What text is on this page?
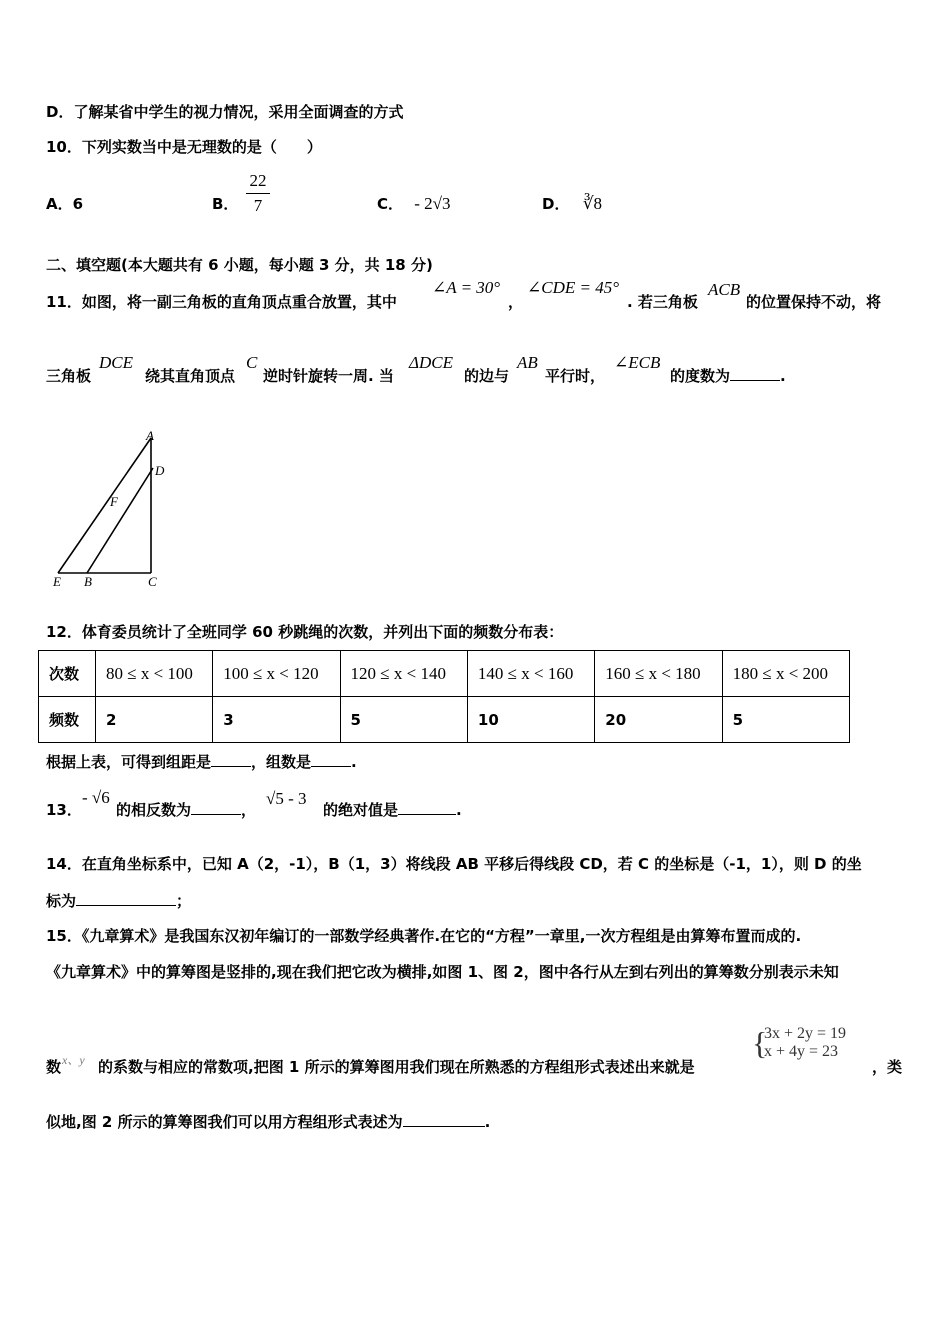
D．了解某省中学生的视力情况，采用全面调查的方式
10．下列实数当中是无理数的是（　　）
A．6	B．
22
7	C． - 2√3	D． ∛8
二、填空题(本大题共有 6 小题，每小题 3 分，共 18 分)
11．如图，将一副三角板的直角顶点重合放置，其中
∠A = 30°
，
∠CDE = 45°
. 若三角板
ACB
的位置保持不动，将
三角板
DCE
绕其直角顶点
C
逆时针旋转一周. 当
ΔDCE
的边与
AB
平行时，
∠ECB
的度数为	.
A
D
F
E B	C
12．体育委员统计了全班同学 60 秒跳绳的次数，并列出下面的频数分布表：
次数	80 ≤ x < 100	100 ≤ x < 120	120 ≤ x < 140	140 ≤ x < 160	160 ≤ x < 180	180 ≤ x < 200
频数	2	3	5	10	20	5
根据上表，可得到组距是	，组数是	.
13．
- √6
的相反数为	，
√5 - 3
的绝对值是	.
14．在直角坐标系中，已知 A（2，-1），B（1，3）将线段 AB 平移后得线段 CD，若 C 的坐标是（-1，1），则 D 的坐
标为	；
15．《九章算术》是我国东汉初年编订的一部数学经典著作.在它的“方程”一章里,一次方程组是由算筹布置而成的.
《九章算术》中的算筹图是竖排的,现在我们把它改为横排,如图 1、图 2，图中各行从左到右列出的算筹数分别表示未知
数 x、y 的系数与相应的常数项,把图 1 所示的算筹图用我们现在所熟悉的方程组形式表述出来就是
{
3x + 2y = 19
x + 4y = 23
，类
似地,图 2 所示的算筹图我们可以用方程组形式表述为	.
